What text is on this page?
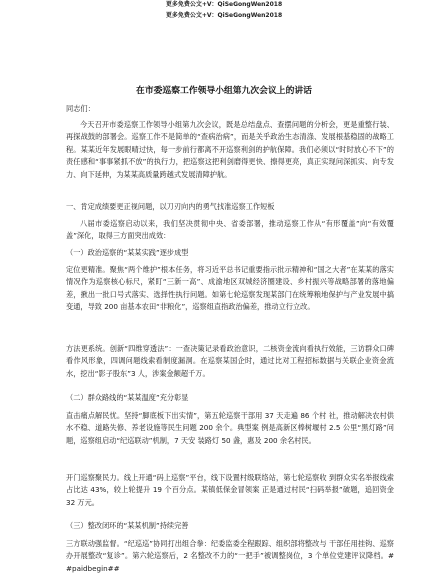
更多免费公文+V：QiSeGongWen2018
更多免费公文+V：QiSeGongWen2018
在市委巡察工作领导小组第九次会议上的讲话

同志们：

今天召开市委巡察工作领导小组第九次会议，既是总结盘点、查摆问题的分析会，更是重整行装、再探战鼓的部署会。巡察工作不是简单的“查病治病”，而是关乎政治生态清涤、发展根基稳固的战略工程。某某近年发展眼晴过快，每一步前行都离不开巡察利剑的护航保障。我们必须以“时时放心不下”的责任感和“事事紧抓不放”的执行力，把巡察这把利剑磨得更快、擦得更亮，真正实现问深抓实、向专发力、向下延伸，为某某高质量跨越式发展清障护航。

一、肯定成绩要更正视问题，以刀刃向内的勇气找准巡察工作短板

八届市委巡察启动以来，我们坚决贯彻中央、省委部署，推动巡察工作从“有形覆盖”向“有效覆盖”深化，取得三方面突出成效：

（一）政治巡察的“某某实践”逐步成型

定位更精准。聚焦“两个维护”根本任务，将习近平总书记重要指示批示精神和“国之大者”在某某的落实情况作为巡察核心标尺，紧盯“三新一高”、成渝地区双城经济圈建设、乡村振兴等战略部署的落地偏差，揪出一批口号式落实、选择性执行问题。如第七轮巡察发现某部门在统筹粮地保护与产业发展中搞变通，导致 200 亩基本农田“非粮化”，巡察组直指政治偏差，推动立行立改。

方法更系统。创新“四维穿透法”：一查决策记录看政治意识，二核资金流向看执行效能，三访群众口碑看作风形象，四调问题线索看制度漏洞。在巡察某国企时，通过比对工程招标数据与关联企业资金流水，挖出“影子股东”3 人，涉案金额超千万。

（二）群众路线的“某某温度”充分彰显

直击痛点解民忧。坚持“脚底板下出实情”，第五轮巡察干部用 37 天走遍 86 个村 社，推动解决农村供水不稳、道路失修、养老设施等民生问题 200 余个。典型案 例是高新区棒树堰村 2.5 公里“黑灯路”问题，巡察组启动“纪巡联动”机制，7 天安 装路灯 50 盏，惠及 200 余名村民。

开门巡察聚民力。线上开通“码上巡察”平台，线下设置村级联络站，第七轮巡察收 到群众实名举报线索占比达 43%，较上轮提升 19 个百分点。某镇低保金冒领案 正是通过村民“扫码举报”破题，追回资金 32 万元。

（三）整改闭环的“某某机制”持续完善

三方联动强监督。“纪巡巡”协同打出组合拳：纪委监委全程跟踪、组织部将整改与 干部任用挂钩、巡察办开展整改“复诊”。第六轮巡察后，2 名整改不力的“一把手”被调整岗位，3 个单位党建评议降档。##paidbegin##
